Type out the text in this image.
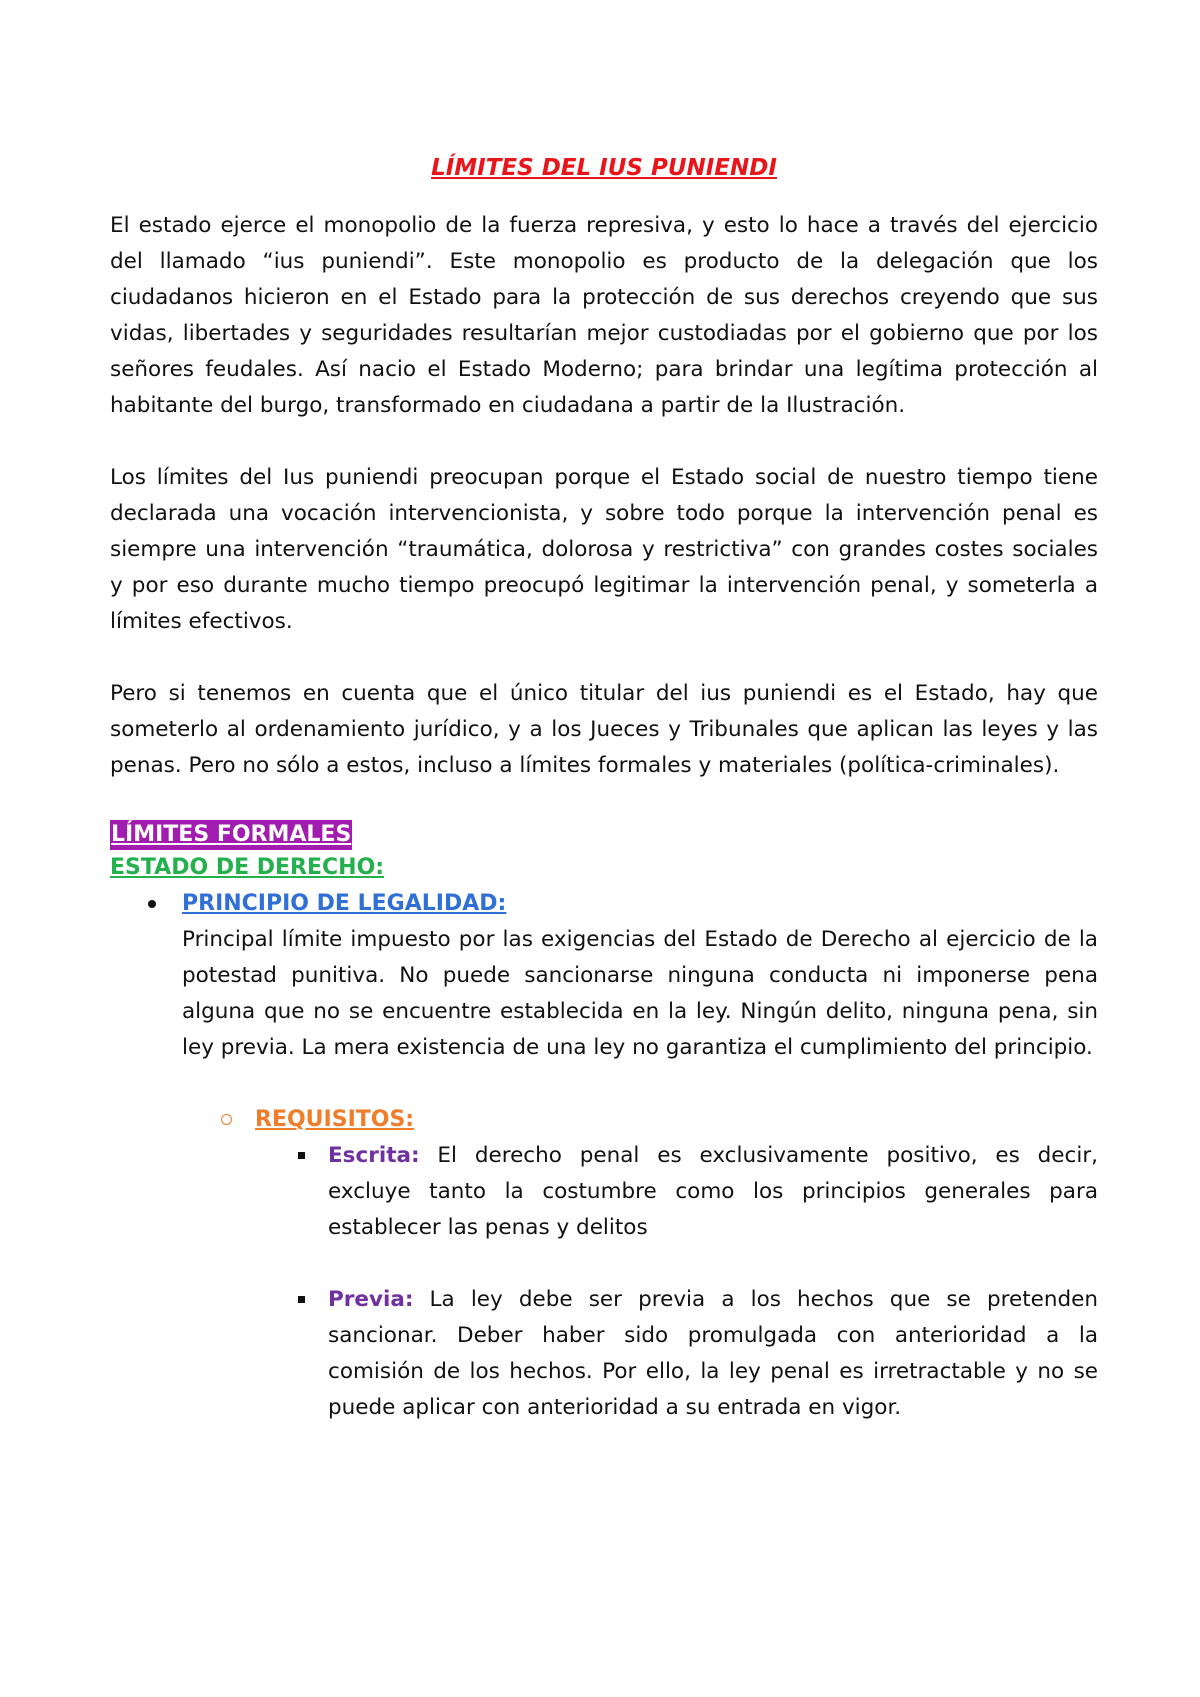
LÍMITES DEL IUS PUNIENDI

El estado ejerce el monopolio de la fuerza represiva, y esto lo hace a través del ejercicio del llamado “ius puniendi”. Este monopolio es producto de la delegación que los ciudadanos hicieron en el Estado para la protección de sus derechos creyendo que sus vidas, libertades y seguridades resultarían mejor custodiadas por el gobierno que por los señores feudales. Así nacio el Estado Moderno; para brindar una legítima protección al habitante del burgo, transformado en ciudadana a partir de la Ilustración.

Los límites del Ius puniendi preocupan porque el Estado social de nuestro tiempo tiene declarada una vocación intervencionista, y sobre todo porque la intervención penal es siempre una intervención “traumática, dolorosa y restrictiva” con grandes costes sociales y por eso durante mucho tiempo preocupó legitimar la intervención penal, y someterla a límites efectivos.

Pero si tenemos en cuenta que el único titular del ius puniendi es el Estado, hay que someterlo al ordenamiento jurídico, y a los Jueces y Tribunales que aplican las leyes y las penas. Pero no sólo a estos, incluso a límites formales y materiales (política-criminales).

LÍMITES FORMALES
ESTADO DE DERECHO:
PRINCIPIO DE LEGALIDAD:

Principal límite impuesto por las exigencias del Estado de Derecho al ejercicio de la potestad punitiva. No puede sancionarse ninguna conducta ni imponerse pena alguna que no se encuentre establecida en la ley. Ningún delito, ninguna pena, sin ley previa. La mera existencia de una ley no garantiza el cumplimiento del principio.

REQUISITOS:

Escrita: El derecho penal es exclusivamente positivo, es decir, excluye tanto la costumbre como los principios generales para establecer las penas y delitos

Previa: La ley debe ser previa a los hechos que se pretenden sancionar. Deber haber sido promulgada con anterioridad a la comisión de los hechos. Por ello, la ley penal es irretractable y no se puede aplicar con anterioridad a su entrada en vigor.
